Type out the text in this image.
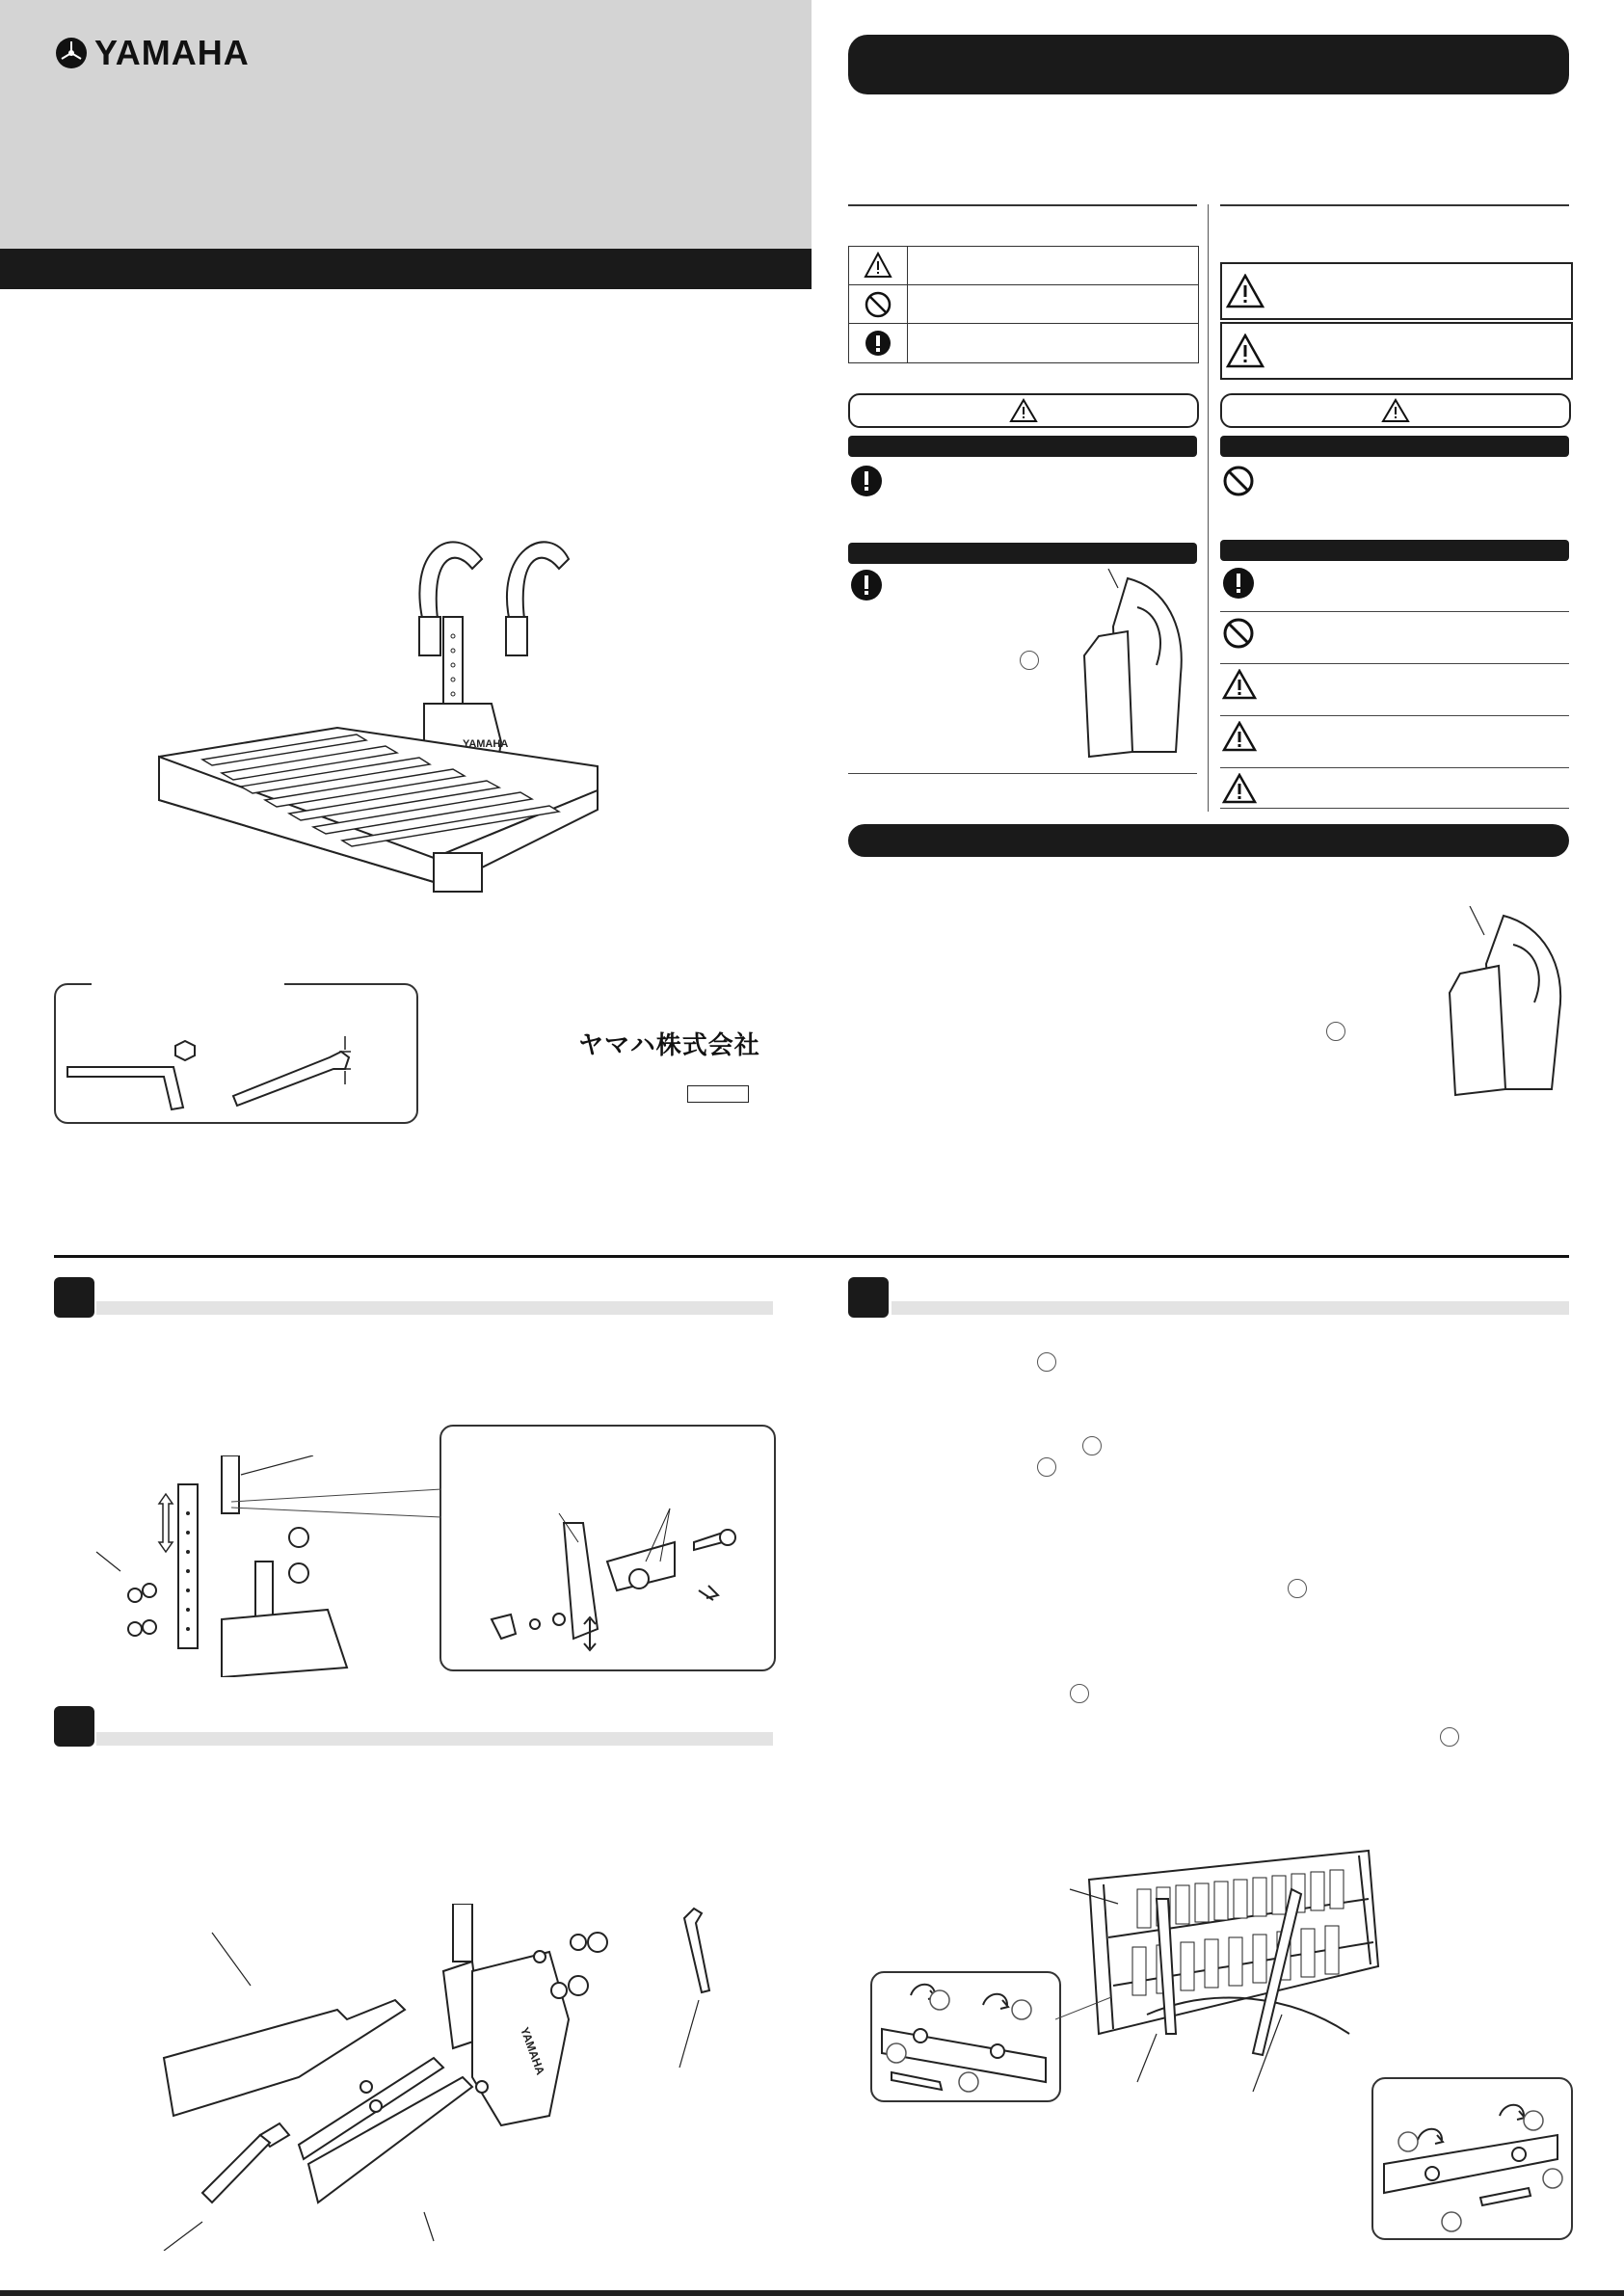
YAMAHA
YAMAHA
ヤマハ株式会社
YAMAHA
